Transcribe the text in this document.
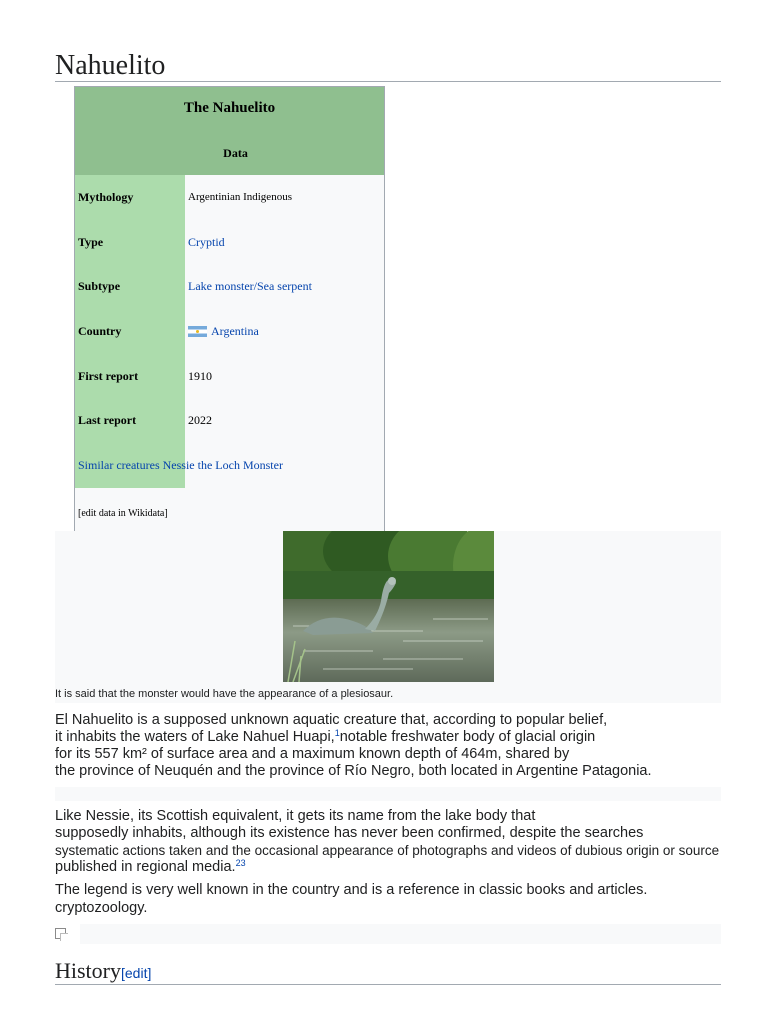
Nahuelito
The Nahuelito
Data
Mythology	Argentinian Indigenous
Type	Cryptid
Subtype	Lake monster/Sea serpent
Country	Argentina
First report	1910
Last report	2022
Similar creatures Nessie the Loch Monster
[edit data in Wikidata]
It is said that the monster would have the appearance of a plesiosaur.

El Nahuelito is a supposed unknown aquatic creature that, according to popular belief,

it inhabits the waters of Lake Nahuel Huapi,$^1$notable freshwater body of glacial origin

for its 557 km² of surface area and a maximum known depth of 464m, shared by

the province of Neuquén and the province of Río Negro, both located in Argentine Patagonia.

Like Nessie, its Scottish equivalent, it gets its name from the lake body that

supposedly inhabits, although its existence has never been confirmed, despite the searches

systematic actions taken and the occasional appearance of photographs and videos of dubious origin or source

published in regional media.$^{23}$

The legend is very well known in the country and is a reference in classic books and articles.

cryptozoology.

History[edit]
